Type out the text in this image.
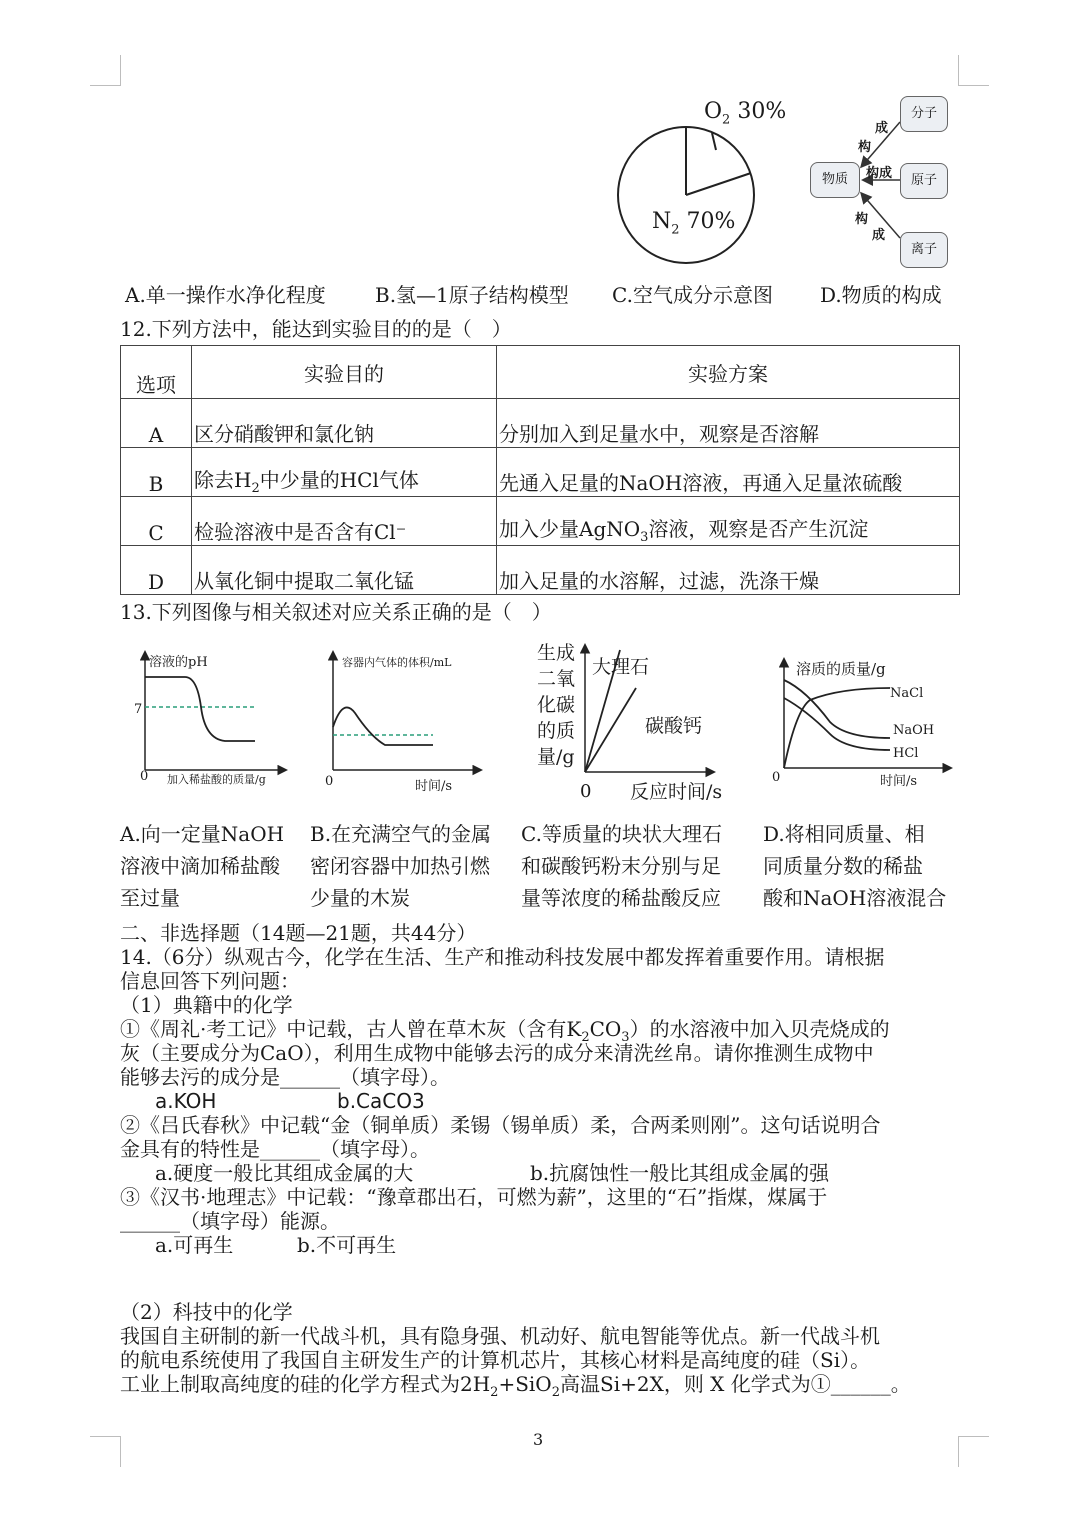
$O_2$ 30%
$N_2$ 70%
物质
分子
原子
离子
成
构
构成
构
成
A.单一操作水净化程度 B.氢—1原子结构模型 C.空气成分示意图 D.物质的构成
12.下列方法中，能达到实验目的的是（　）
选项	实验目的	实验方案
A	区分硝酸钾和氯化钠	分别加入到足量水中，观察是否溶解
B	除去$H_2$中少量的HCl气体	先通入足量的NaOH溶液，再通入足量浓硫酸
C	检验溶液中是否含有Cl⁻	加入少量AgNO$_3$溶液，观察是否产生沉淀
D	从氧化铜中提取二氧化锰	加入足量的水溶解，过滤，洗涤干燥
13.下列图像与相关叙述对应关系正确的是（　）
溶液的pH
7
0 加入稀盐酸的质量/g
容器内气体的体积/mL
0	时间/s
生成
二氧
化碳
的质
量/g
大理石
碳酸钙
0 反应时间/s
溶质的质量/g
NaCl
NaOH
HCl
0	时间/s
A.向一定量NaOH
溶液中滴加稀盐酸
至过量
B.在充满空气的金属
密闭容器中加热引燃
少量的木炭
C.等质量的块状大理石
和碳酸钙粉末分别与足
量等浓度的稀盐酸反应
D.将相同质量、相
同质量分数的稀盐
酸和NaOH溶液混合
二、非选择题（14题—21题，共44分）
14.（6分）纵观古今，化学在生活、生产和推动科技发展中都发挥着重要作用。请根据
信息回答下列问题：
（1）典籍中的化学
①《周礼·考工记》中记载，古人曾在草木灰（含有$K_2CO_3$）的水溶液中加入贝壳烧成的
灰（主要成分为CaO），利用生成物中能够去污的成分来清洗丝帛。请你推测生成物中
能够去污的成分是______（填字母）。
a.KOH	b.CaCO3
②《吕氏春秋》中记载“金（铜单质）柔锡（锡单质）柔，合两柔则刚”。这句话说明合
金具有的特性是______（填字母）。
a.硬度一般比其组成金属的大	b.抗腐蚀性一般比其组成金属的强
③《汉书·地理志》中记载：“豫章郡出石，可燃为薪”，这里的“石”指煤，煤属于
______（填字母）能源。
a.可再生	b.不可再生
（2）科技中的化学
我国自主研制的新一代战斗机，具有隐身强、机动好、航电智能等优点。新一代战斗机
的航电系统使用了我国自主研发生产的计算机芯片，其核心材料是高纯度的硅（Si）。
工业上制取高纯度的硅的化学方程式为$2H_2+SiO_2$高温Si+2X，则 X 化学式为①______。
3
